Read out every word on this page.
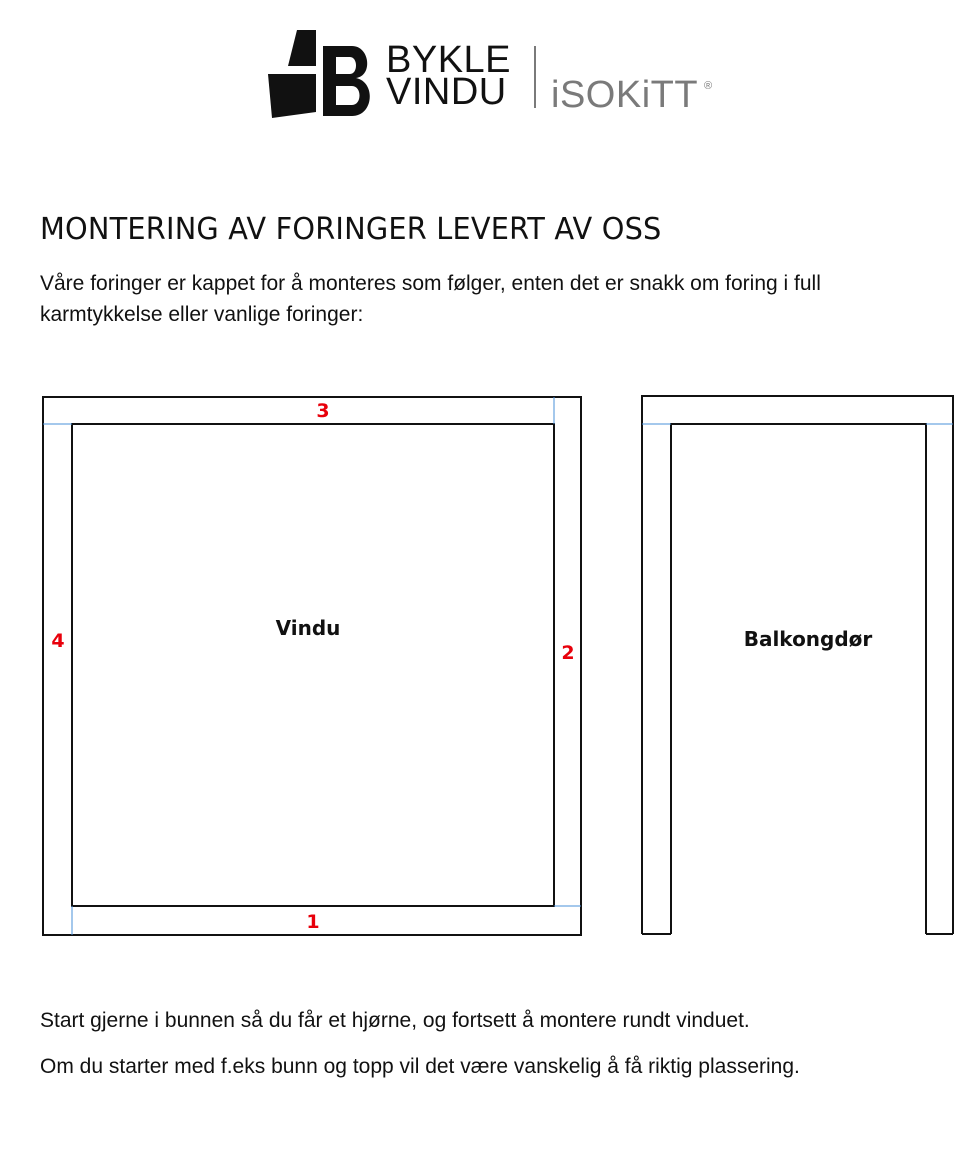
BYKLE
VINDU iSOKiTT ®
MONTERING AV FORINGER LEVERT AV OSS

Våre foringer er kappet for å monteres som følger, enten det er snakk om foring i full karmtykkelse eller vanlige foringer:

3
2
1
4
Vindu	Balkongdør

Start gjerne i bunnen så du får et hjørne, og fortsett å montere rundt vinduet.

Om du starter med f.eks bunn og topp vil det være vanskelig å få riktig plassering.
